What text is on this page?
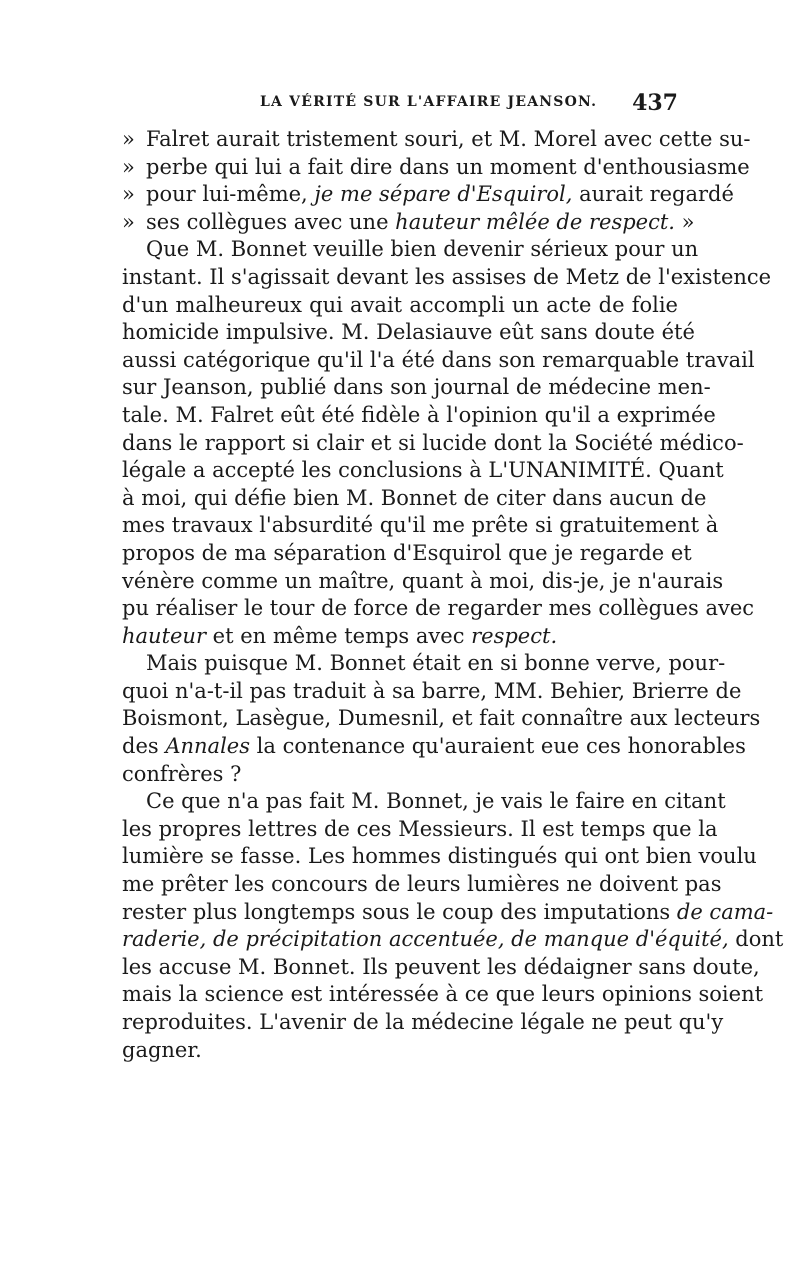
LA VÉRITÉ SUR L'AFFAIRE JEANSON. 437
»Falret aurait tristement souri, et M. Morel avec cette su-
»perbe qui lui a fait dire dans un moment d'enthousiasme
»pour lui-même, je me sépare d'Esquirol, aurait regardé
»ses collègues avec une hauteur mêlée de respect. »
Que M. Bonnet veuille bien devenir sérieux pour un
instant. Il s'agissait devant les assises de Metz de l'existence
d'un malheureux qui avait accompli un acte de folie
homicide impulsive. M. Delasiauve eût sans doute été
aussi catégorique qu'il l'a été dans son remarquable travail
sur Jeanson, publié dans son journal de médecine men-
tale. M. Falret eût été fidèle à l'opinion qu'il a exprimée
dans le rapport si clair et si lucide dont la Société médico-
légale a accepté les conclusions à L'UNANIMITÉ. Quant
à moi, qui défie bien M. Bonnet de citer dans aucun de
mes travaux l'absurdité qu'il me prête si gratuitement à
propos de ma séparation d'Esquirol que je regarde et
vénère comme un maître, quant à moi, dis-je, je n'aurais
pu réaliser le tour de force de regarder mes collègues avec
hauteur et en même temps avec respect.
Mais puisque M. Bonnet était en si bonne verve, pour-
quoi n'a-t-il pas traduit à sa barre, MM. Behier, Brierre de
Boismont, Lasègue, Dumesnil, et fait connaître aux lecteurs
des Annales la contenance qu'auraient eue ces honorables
confrères ?
Ce que n'a pas fait M. Bonnet, je vais le faire en citant
les propres lettres de ces Messieurs. Il est temps que la
lumière se fasse. Les hommes distingués qui ont bien voulu
me prêter les concours de leurs lumières ne doivent pas
rester plus longtemps sous le coup des imputations de cama-
raderie, de précipitation accentuée, de manque d'équité, dont
les accuse M. Bonnet. Ils peuvent les dédaigner sans doute,
mais la science est intéressée à ce que leurs opinions soient
reproduites. L'avenir de la médecine légale ne peut qu'y
gagner.
